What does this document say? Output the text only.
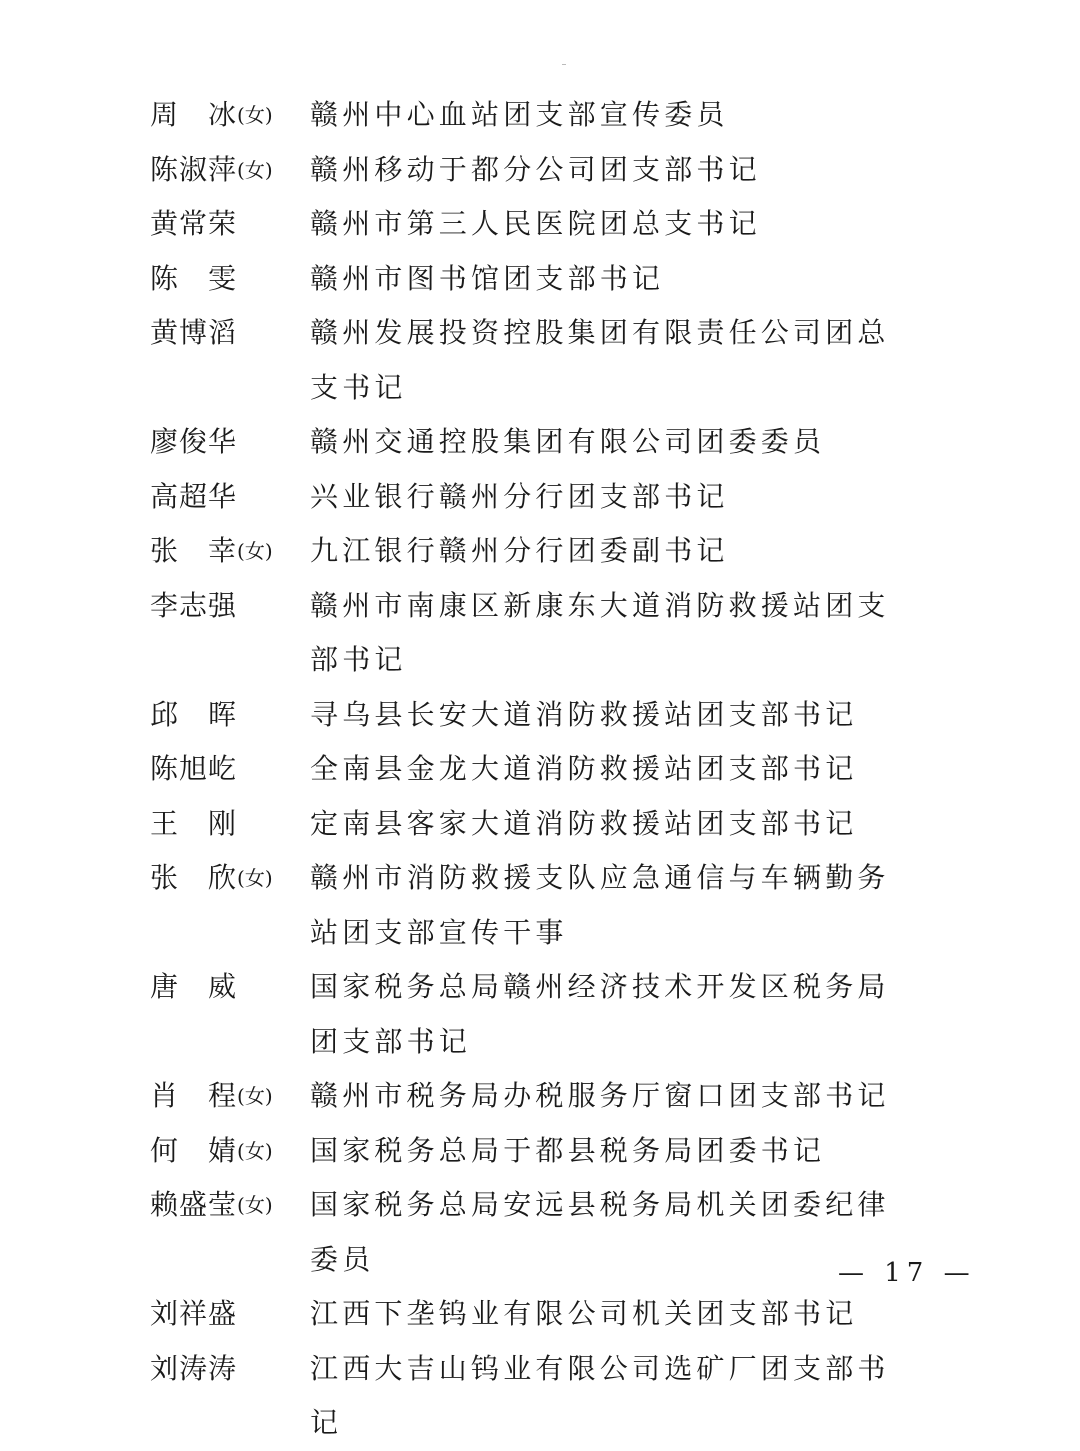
周　冰 (女) 赣州中心血站团支部宣传委员
陈淑萍 (女) 赣州移动于都分公司团支部书记
黄常荣	赣州市第三人民医院团总支书记
陈　雯	赣州市图书馆团支部书记
黄博滔	赣州发展投资控股集团有限责任公司团总支书记
廖俊华	赣州交通控股集团有限公司团委委员
高超华	兴业银行赣州分行团支部书记
张　幸 (女) 九江银行赣州分行团委副书记
李志强	赣州市南康区新康东大道消防救援站团支部书记
邱　晖	寻乌县长安大道消防救援站团支部书记
陈旭屹	全南县金龙大道消防救援站团支部书记
王　刚	定南县客家大道消防救援站团支部书记
张　欣 (女) 赣州市消防救援支队应急通信与车辆勤务站团支部宣传干事
唐　威	国家税务总局赣州经济技术开发区税务局团支部书记
肖　程 (女) 赣州市税务局办税服务厅窗口团支部书记
何　婧 (女) 国家税务总局于都县税务局团委书记
赖盛莹 (女) 国家税务总局安远县税务局机关团委纪律委员
刘祥盛	江西下垄钨业有限公司机关团支部书记
刘涛涛	江西大吉山钨业有限公司选矿厂团支部书记
— 17 —
